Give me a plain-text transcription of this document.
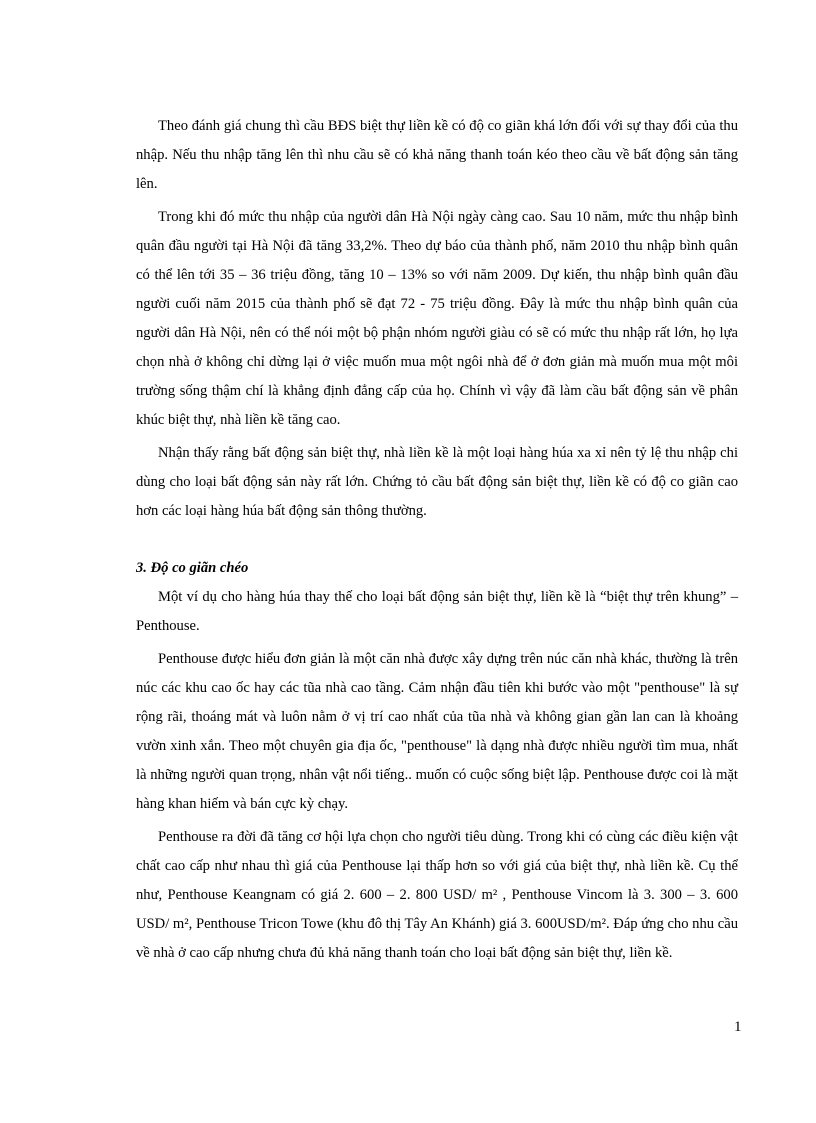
Theo đánh giá chung thì cầu BĐS biệt thự liền kề có độ co giãn khá lớn đối với sự thay đổi của thu nhập. Nếu thu nhập tăng lên thì nhu cầu sẽ có khả năng thanh toán kéo theo cầu về bất động sản tăng lên.

Trong khi đó mức thu nhập của người dân Hà Nội ngày càng cao. Sau 10 năm, mức thu nhập bình quân đầu người tại Hà Nội đã tăng 33,2%. Theo dự báo của thành phố, năm 2010 thu nhập bình quân có thể lên tới 35 – 36 triệu đồng, tăng 10 – 13% so với năm 2009. Dự kiến, thu nhập bình quân đầu người cuối năm 2015 của thành phố sẽ đạt 72 - 75 triệu đồng. Đây là mức thu nhập bình quân của người dân Hà Nội, nên có thể nói một bộ phận nhóm người giàu có sẽ có mức thu nhập rất lớn, họ lựa chọn nhà ở không chỉ dừng lại ở việc muốn mua một ngôi nhà để ở đơn giản mà muốn mua một môi trường sống thậm chí là khẳng định đẳng cấp của họ. Chính vì vậy đã làm cầu bất động sản về phân khúc biệt thự, nhà liền kề tăng cao.

Nhận thấy rằng bất động sản biệt thự, nhà liền kề là một loại hàng húa xa xỉ nên tỷ lệ thu nhập chi dùng cho loại bất động sản này rất lớn. Chứng tỏ cầu bất động sản biệt thự, liền kề có độ co giãn cao hơn các loại hàng húa bất động sản thông thường.

3. Độ co giãn chéo

Một ví dụ cho hàng húa thay thế cho loại bất động sản biệt thự, liền kề là “biệt thự trên khung” – Penthouse.

Penthouse được hiểu đơn giản là một căn nhà được xây dựng trên núc căn nhà khác, thường là trên núc các khu cao ốc hay các tũa nhà cao tầng. Cảm nhận đầu tiên khi bước vào một "penthouse" là sự rộng rãi, thoáng mát và luôn nằm ở vị trí cao nhất của tũa nhà và không gian gần lan can là khoảng vườn xinh xắn. Theo một chuyên gia địa ốc, "penthouse" là dạng nhà được nhiều người tìm mua, nhất là những người quan trọng, nhân vật nổi tiếng.. muốn có cuộc sống biệt lập. Penthouse được coi là mặt hàng khan hiếm và bán cực kỳ chạy.

Penthouse ra đời đã tăng cơ hội lựa chọn cho người tiêu dùng. Trong khi có cùng các điều kiện vật chất cao cấp như nhau thì giá của Penthouse lại thấp hơn so với giá của biệt thự, nhà liền kề. Cụ thể như, Penthouse Keangnam có giá 2. 600 – 2. 800 USD/ m² , Penthouse Vincom là 3. 300 – 3. 600 USD/ m², Penthouse Tricon Towe (khu đô thị Tây An Khánh) giá 3. 600USD/m². Đáp ứng cho nhu cầu về nhà ở cao cấp nhưng chưa đủ khả năng thanh toán cho loại bất động sản biệt thự, liền kề.

1
